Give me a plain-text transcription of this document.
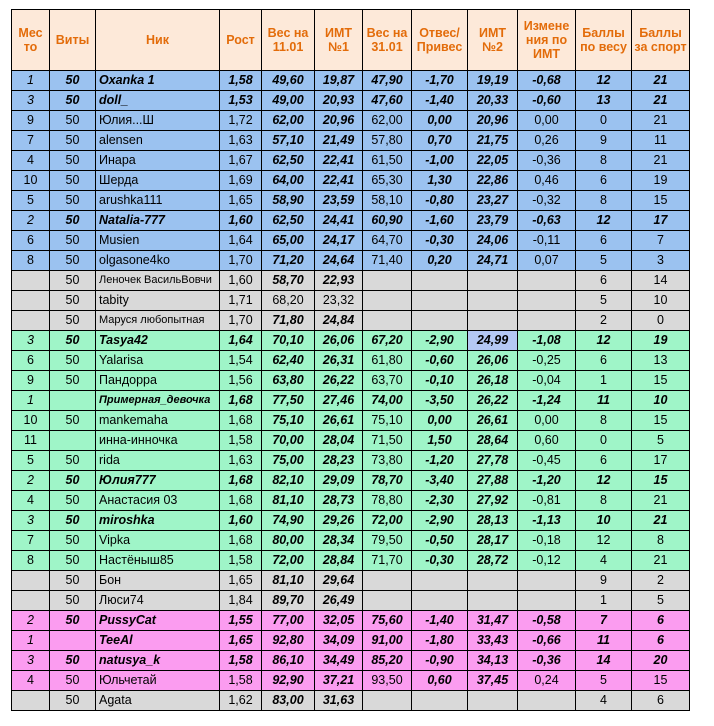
Мес то	Виты	Ник	Рост	Вес на 11.01	ИМТ №1	Вес на 31.01	Отвес/ Привес	ИМТ №2	Измене ния по ИМТ	Баллы по весу	Баллы за спорт
1	50	Oxanka 1	1,58	49,60	19,87	47,90	-1,70	19,19	-0,68	12	21
3	50	doll_	1,53	49,00	20,93	47,60	-1,40	20,33	-0,60	13	21
9	50	Юлия...Ш	1,72	62,00	20,96	62,00	0,00	20,96	0,00	0	21
7	50	alensen	1,63	57,10	21,49	57,80	0,70	21,75	0,26	9	11
4	50	Инара	1,67	62,50	22,41	61,50	-1,00	22,05	-0,36	8	21
10	50	Шерда	1,69	64,00	22,41	65,30	1,30	22,86	0,46	6	19
5	50	arushka111	1,65	58,90	23,59	58,10	-0,80	23,27	-0,32	8	15
2	50	Natalia-777	1,60	62,50	24,41	60,90	-1,60	23,79	-0,63	12	17
6	50	Musien	1,64	65,00	24,17	64,70	-0,30	24,06	-0,11	6	7
8	50	olgasone4ko	1,70	71,20	24,64	71,40	0,20	24,71	0,07	5	3
	50	Леночек ВасильВовчи	1,60	58,70	22,93					6	14
	50	tabity	1,71	68,20	23,32					5	10
	50	Маруся любопытная	1,70	71,80	24,84					2	0
3	50	Tasya42	1,64	70,10	26,06	67,20	-2,90	24,99	-1,08	12	19
6	50	Yalarisa	1,54	62,40	26,31	61,80	-0,60	26,06	-0,25	6	13
9	50	Пандорра	1,56	63,80	26,22	63,70	-0,10	26,18	-0,04	1	15
1		Примерная_девочка	1,68	77,50	27,46	74,00	-3,50	26,22	-1,24	11	10
10	50	mankemaha	1,68	75,10	26,61	75,10	0,00	26,61	0,00	8	15
11		инна-инночка	1,58	70,00	28,04	71,50	1,50	28,64	0,60	0	5
5	50	rida	1,63	75,00	28,23	73,80	-1,20	27,78	-0,45	6	17
2	50	Юлия777	1,68	82,10	29,09	78,70	-3,40	27,88	-1,20	12	15
4	50	Анастасия 03	1,68	81,10	28,73	78,80	-2,30	27,92	-0,81	8	21
3	50	miroshka	1,60	74,90	29,26	72,00	-2,90	28,13	-1,13	10	21
7	50	Vipka	1,68	80,00	28,34	79,50	-0,50	28,17	-0,18	12	8
8	50	Настёныш85	1,58	72,00	28,84	71,70	-0,30	28,72	-0,12	4	21
	50	Бон	1,65	81,10	29,64					9	2
	50	Люси74	1,84	89,70	26,49					1	5
2	50	PussyCat	1,55	77,00	32,05	75,60	-1,40	31,47	-0,58	7	6
1		TeeAl	1,65	92,80	34,09	91,00	-1,80	33,43	-0,66	11	6
3	50	natusya_k	1,58	86,10	34,49	85,20	-0,90	34,13	-0,36	14	20
4	50	Юльчетай	1,58	92,90	37,21	93,50	0,60	37,45	0,24	5	15
	50	Agata	1,62	83,00	31,63					4	6
